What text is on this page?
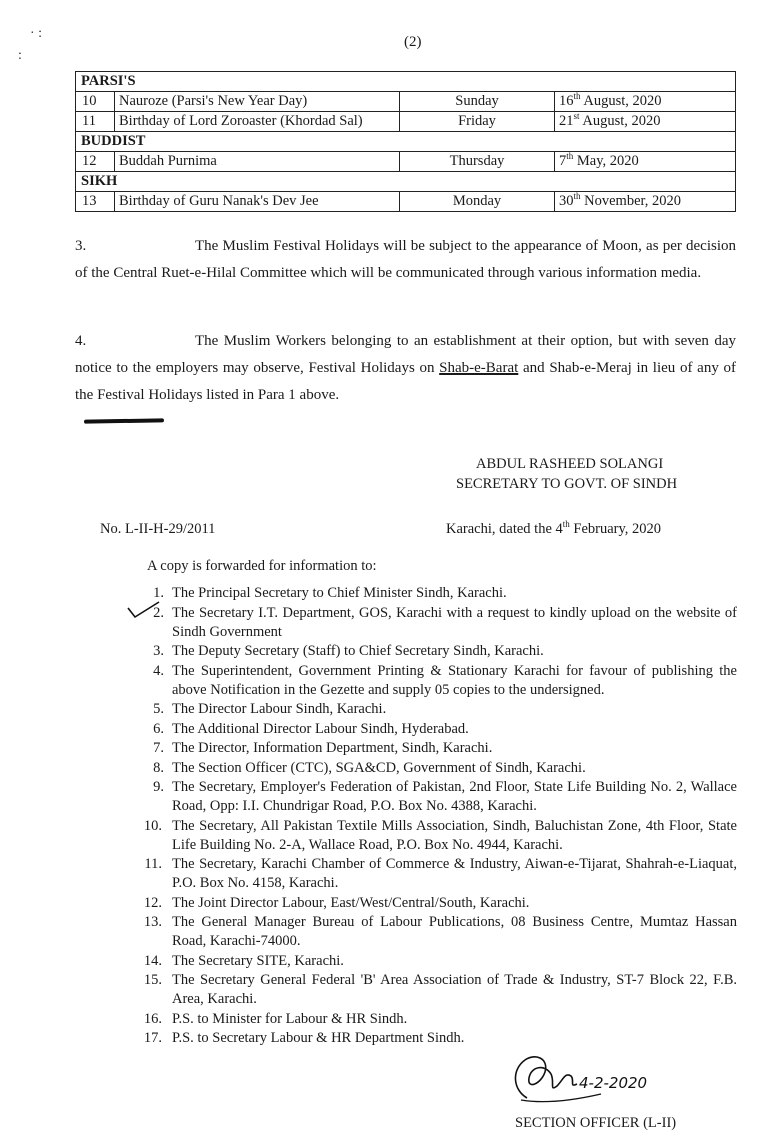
(2)
· :
:
PARSI'S			
10	Nauroze (Parsi's New Year Day)	Sunday	16th August, 2020
11	Birthday of Lord Zoroaster (Khordad Sal)	Friday	21st August, 2020
BUDDIST			
12	Buddah Purnima	Thursday	7th May, 2020
SIKH			
13	Birthday of Guru Nanak's Dev Jee	Monday	30th November, 2020
3.	The Muslim Festival Holidays will be subject to the appearance of Moon, as per decision of the Central Ruet-e-Hilal Committee which will be communicated through various information media.
4.	The Muslim Workers belonging to an establishment at their option, but with seven day notice to the employers may observe, Festival Holidays on Shab-e-Barat and Shab-e-Meraj in lieu of any of the Festival Holidays listed in Para 1 above.
ABDUL RASHEED SOLANGI
SECRETARY TO GOVT. OF SINDH
No. L-II-H-29/2011	Karachi, dated the 4th February, 2020
A copy is forwarded for information to:
1. The Principal Secretary to Chief Minister Sindh, Karachi.
2. The Secretary I.T. Department, GOS, Karachi with a request to kindly upload on the website of Sindh Government
3. The Deputy Secretary (Staff) to Chief Secretary Sindh, Karachi.
4. The Superintendent, Government Printing & Stationary Karachi for favour of publishing the above Notification in the Gezette and supply 05 copies to the undersigned.
5. The Director Labour Sindh, Karachi.
6. The Additional Director Labour Sindh, Hyderabad.
7. The Director, Information Department, Sindh, Karachi.
8. The Section Officer (CTC), SGA&CD, Government of Sindh, Karachi.
9. The Secretary, Employer's Federation of Pakistan, 2nd Floor, State Life Building No. 2, Wallace Road, Opp: I.I. Chundrigar Road, P.O. Box No. 4388, Karachi.
10. The Secretary, All Pakistan Textile Mills Association, Sindh, Baluchistan Zone, 4th Floor, State Life Building No. 2-A, Wallace Road, P.O. Box No. 4944, Karachi.
11. The Secretary, Karachi Chamber of Commerce & Industry, Aiwan-e-Tijarat, Shahrah-e-Liaquat, P.O. Box No. 4158, Karachi.
12. The Joint Director Labour, East/West/Central/South, Karachi.
13. The General Manager Bureau of Labour Publications, 08 Business Centre, Mumtaz Hassan Road, Karachi-74000.
14. The Secretary SITE, Karachi.
15. The Secretary General Federal 'B' Area Association of Trade & Industry, ST-7 Block 22, F.B. Area, Karachi.
16. P.S. to Minister for Labour & HR Sindh.
17. P.S. to Secretary Labour & HR Department Sindh.
4-2-2020
SECTION OFFICER (L-II)
